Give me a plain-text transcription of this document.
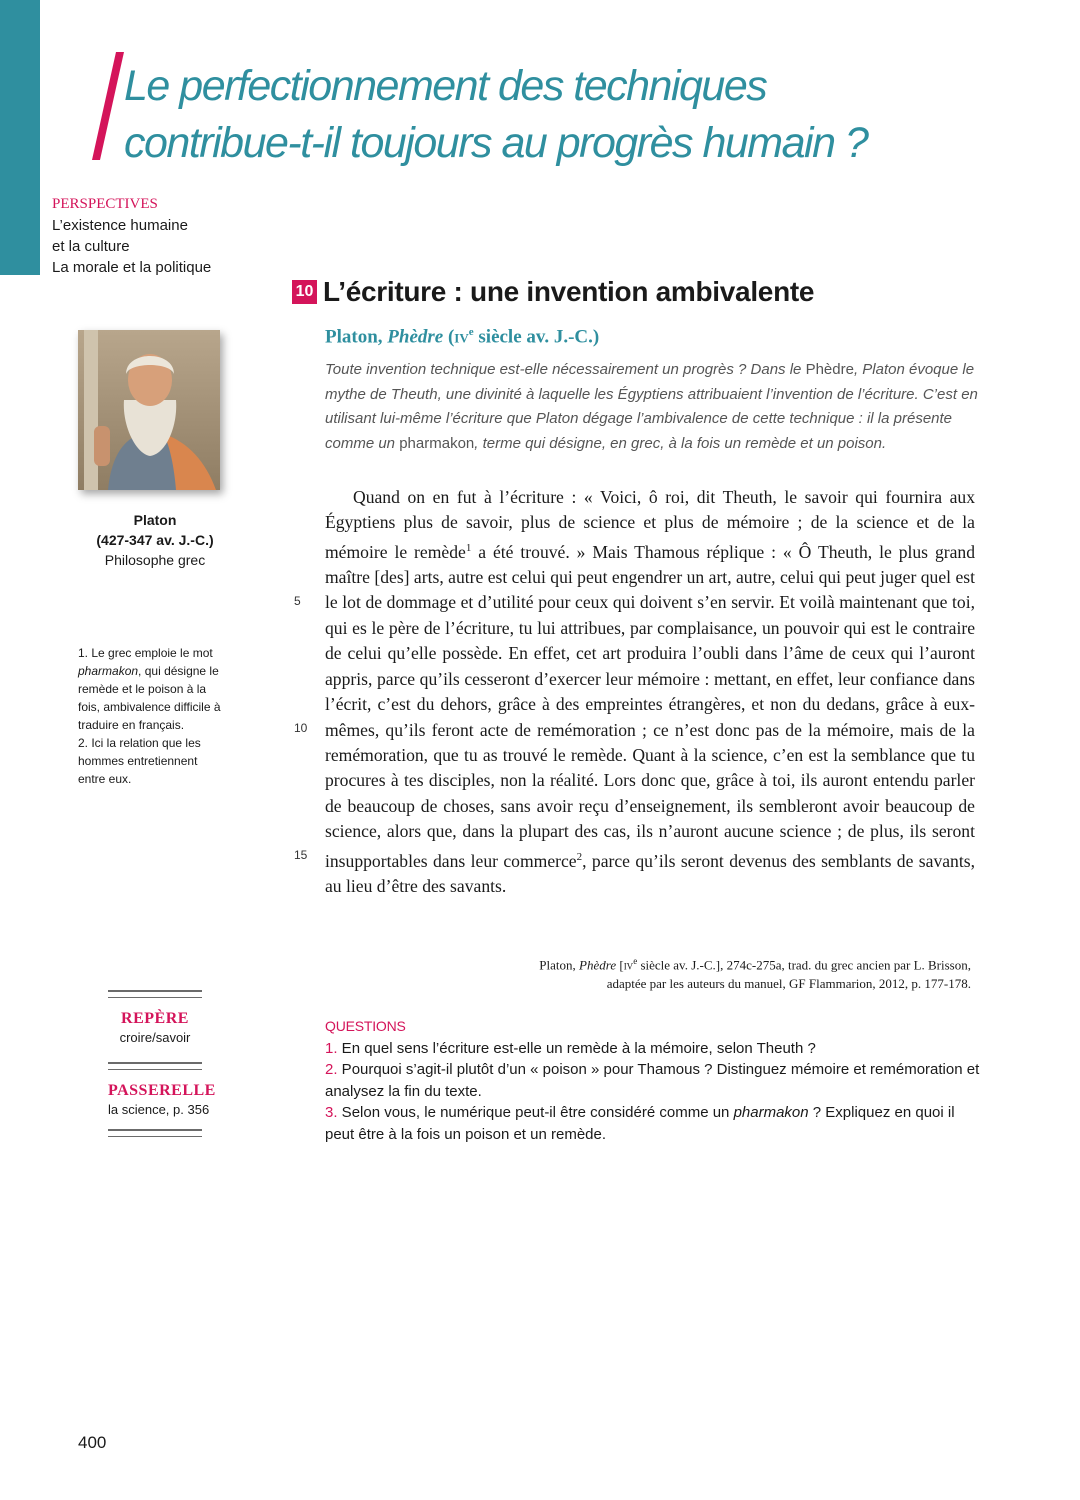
Le perfectionnement des techniques
contribue-t-il toujours au progrès humain ?
PERSPECTIVES
L’existence humaine
et la culture
La morale et la politique
Platon
(427-347 av. J.-C.)
Philosophe grec

1. Le grec emploie le mot pharmakon, qui désigne le remède et le poison à la fois, ambivalence difficile à traduire en français.

2. Ici la relation que les hommes entretiennent entre eux.

REPÈRE
croire/savoir
PASSERELLE
la science, p. 356
10 L’écriture : une invention ambivalente
Platon, Phèdre ($iv^e$ siècle av. J.-C.)

Toute invention technique est-elle nécessairement un progrès ? Dans le Phèdre, Platon évoque le mythe de Theuth, une divinité à laquelle les Égyptiens attribuaient l’invention de l’écriture. C’est en utilisant lui-même l’écriture que Platon dégage l’ambivalence de cette technique : il la présente comme un pharmakon, terme qui désigne, en grec, à la fois un remède et un poison.

Quand on en fut à l’écriture : « Voici, ô roi, dit Theuth, le savoir qui fournira aux Égyptiens plus de savoir, plus de science et plus de mémoire ; de la science et de la mémoire le remède$^1$ a été trouvé. » Mais Thamous réplique : « Ô Theuth, le plus grand maître [des] arts, autre est celui qui peut engendrer un art, autre, celui qui peut juger quel est le lot de dommage et d’utilité pour ceux qui doivent s’en servir. Et voilà maintenant que toi, qui es le père de l’écriture, tu lui attribues, par complaisance, un pouvoir qui est le contraire de celui qu’elle possède. En effet, cet art produira l’oubli dans l’âme de ceux qui l’auront appris, parce qu’ils cesseront d’exercer leur mémoire : mettant, en effet, leur confiance dans l’écrit, c’est du dehors, grâce à des empreintes étrangères, et non du dedans, grâce à eux-mêmes, qu’ils feront acte de remémoration ; ce n’est donc pas de la mémoire, mais de la remémoration, que tu as trouvé le remède. Quant à la science, c’en est la semblance que tu procures à tes disciples, non la réalité. Lors donc que, grâce à toi, ils auront entendu parler de beaucoup de choses, sans avoir reçu d’enseignement, ils sembleront avoir beaucoup de science, alors que, dans la plupart des cas, ils n’auront aucune science ; de plus, ils seront insupportables dans leur commerce$^2$, parce qu’ils seront devenus des semblants de savants, au lieu d’être des savants.

5
10
15
Platon, Phèdre [$iv^e$ siècle av. J.-C.], 274c-275a, trad. du grec ancien par L. Brisson,
adaptée par les auteurs du manuel, GF Flammarion, 2012, p. 177-178.
QUESTIONS

1. En quel sens l’écriture est-elle un remède à la mémoire, selon Theuth ?

2. Pourquoi s’agit-il plutôt d’un « poison » pour Thamous ? Distinguez mémoire et remémoration et analysez la fin du texte.

3. Selon vous, le numérique peut-il être considéré comme un pharmakon ? Expliquez en quoi il peut être à la fois un poison et un remède.

400
